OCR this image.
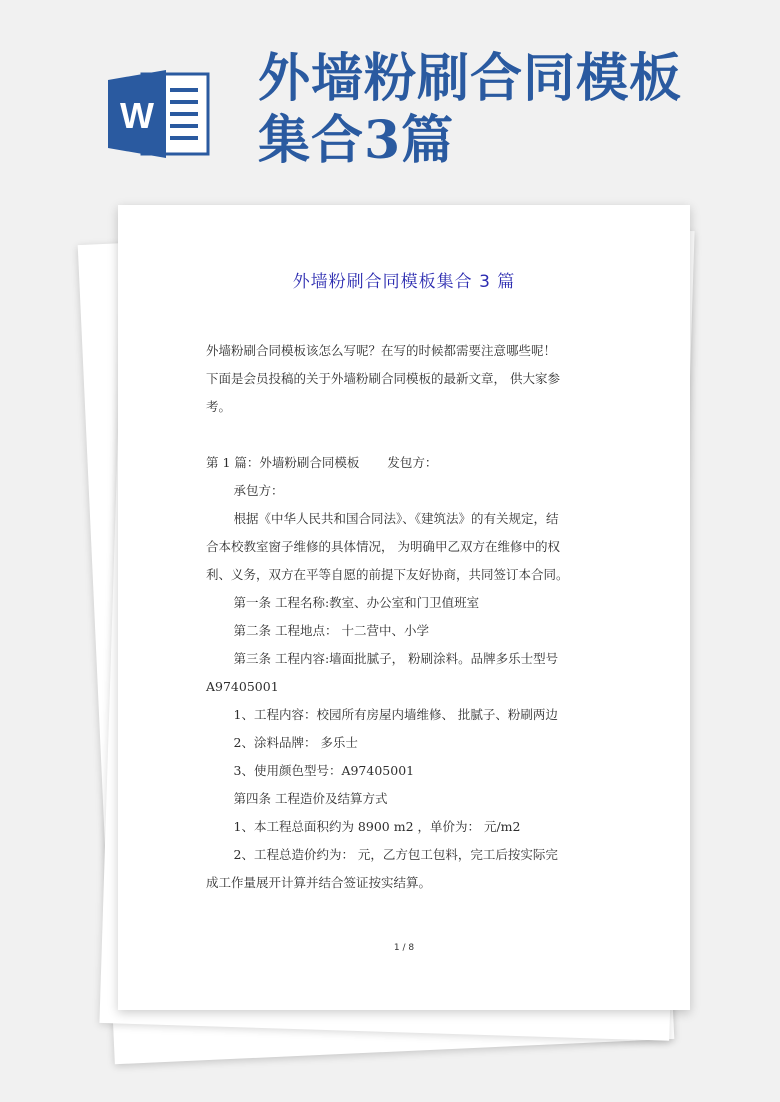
W
外墙粉刷合同模板
集合3篇
外墙粉刷合同模板集合 3 篇

外墙粉刷合同模板该怎么写呢？在写的时候都需要注意哪些呢！

下面是会员投稿的关于外墙粉刷合同模板的最新文章， 供大家参

考。

第 1 篇：外墙粉刷合同模板 发包方：

承包方：

根据《中华人民共和国合同法》、《建筑法》的有关规定，结

合本校教室窗子维修的具体情况， 为明确甲乙双方在维修中的权

利、义务，双方在平等自愿的前提下友好协商，共同签订本合同。

第一条 工程名称:教室、办公室和门卫值班室

第二条 工程地点： 十二营中、小学

第三条 工程内容:墙面批腻子， 粉刷涂料。品牌多乐士型号

A97405001

1、工程内容：校园所有房屋内墙维修、 批腻子、粉刷两边

2、涂料品牌： 多乐士

3、使用颜色型号：A97405001

第四条 工程造价及结算方式

1、本工程总面积约为 8900 m2 ，单价为： 元/m2

2、工程总造价约为： 元，乙方包工包料，完工后按实际完

成工作量展开计算并结合签证按实结算。

1 / 8
